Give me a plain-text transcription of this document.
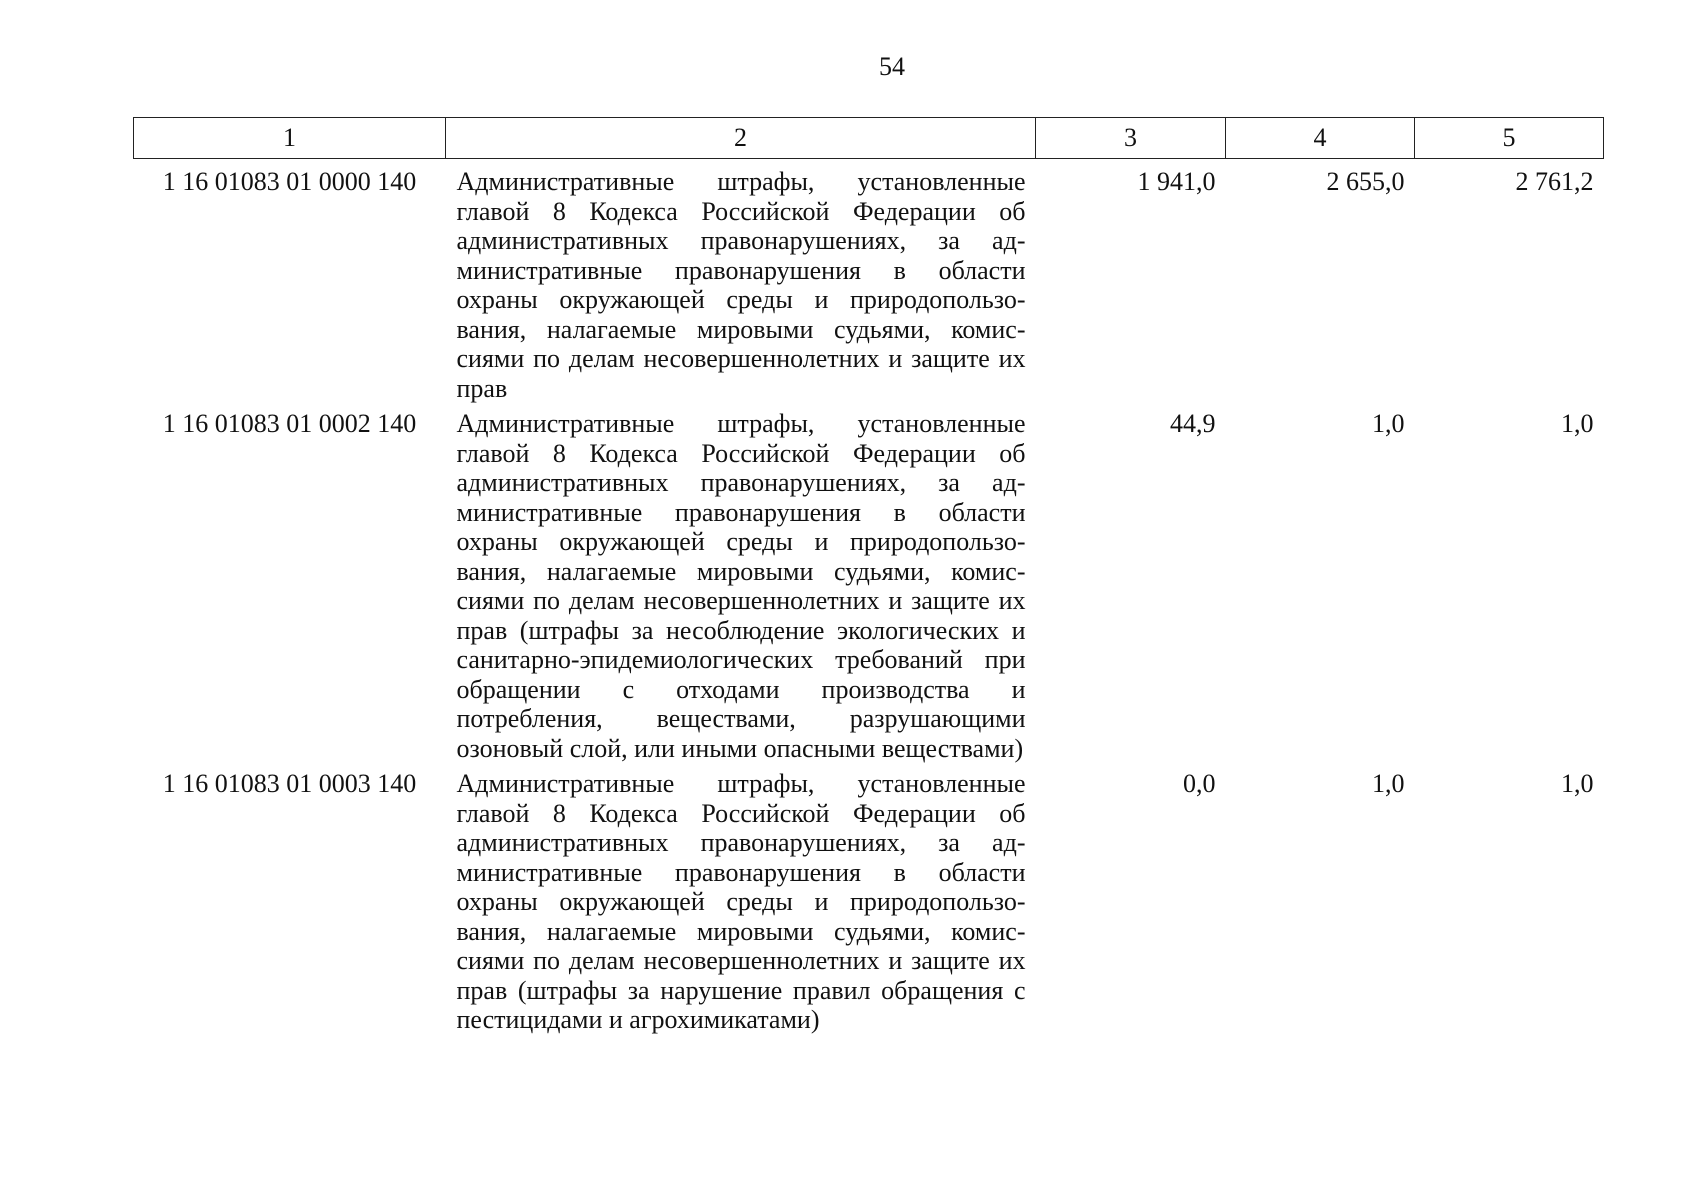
54
1	2	3	4	5
1 16 01083 01 0000 140	Административные штрафы, установленные главой 8 Кодекса Российской Федерации об административных правонарушениях, за административные правонарушения в области охраны окружающей среды и природопользования, налагаемые мировыми судьями, комиссиями по делам несовершеннолетних и защите их прав	1 941,0	2 655,0	2 761,2
1 16 01083 01 0002 140	Административные штрафы, установленные главой 8 Кодекса Российской Федерации об административных правонарушениях, за административные правонарушения в области охраны окружающей среды и природопользования, налагаемые мировыми судьями, комиссиями по делам несовершеннолетних и защите их прав (штрафы за несоблюдение экологических и санитарно-эпидемиологических требований при обращении с отходами производства и потребления, веществами, разрушающими озоновый слой, или иными опасными веществами)	44,9	1,0	1,0
1 16 01083 01 0003 140	Административные штрафы, установленные главой 8 Кодекса Российской Федерации об административных правонарушениях, за административные правонарушения в области охраны окружающей среды и природопользования, налагаемые мировыми судьями, комиссиями по делам несовершеннолетних и защите их прав (штрафы за нарушение правил обращения с пестицидами и агрохимикатами)	0,0	1,0	1,0
